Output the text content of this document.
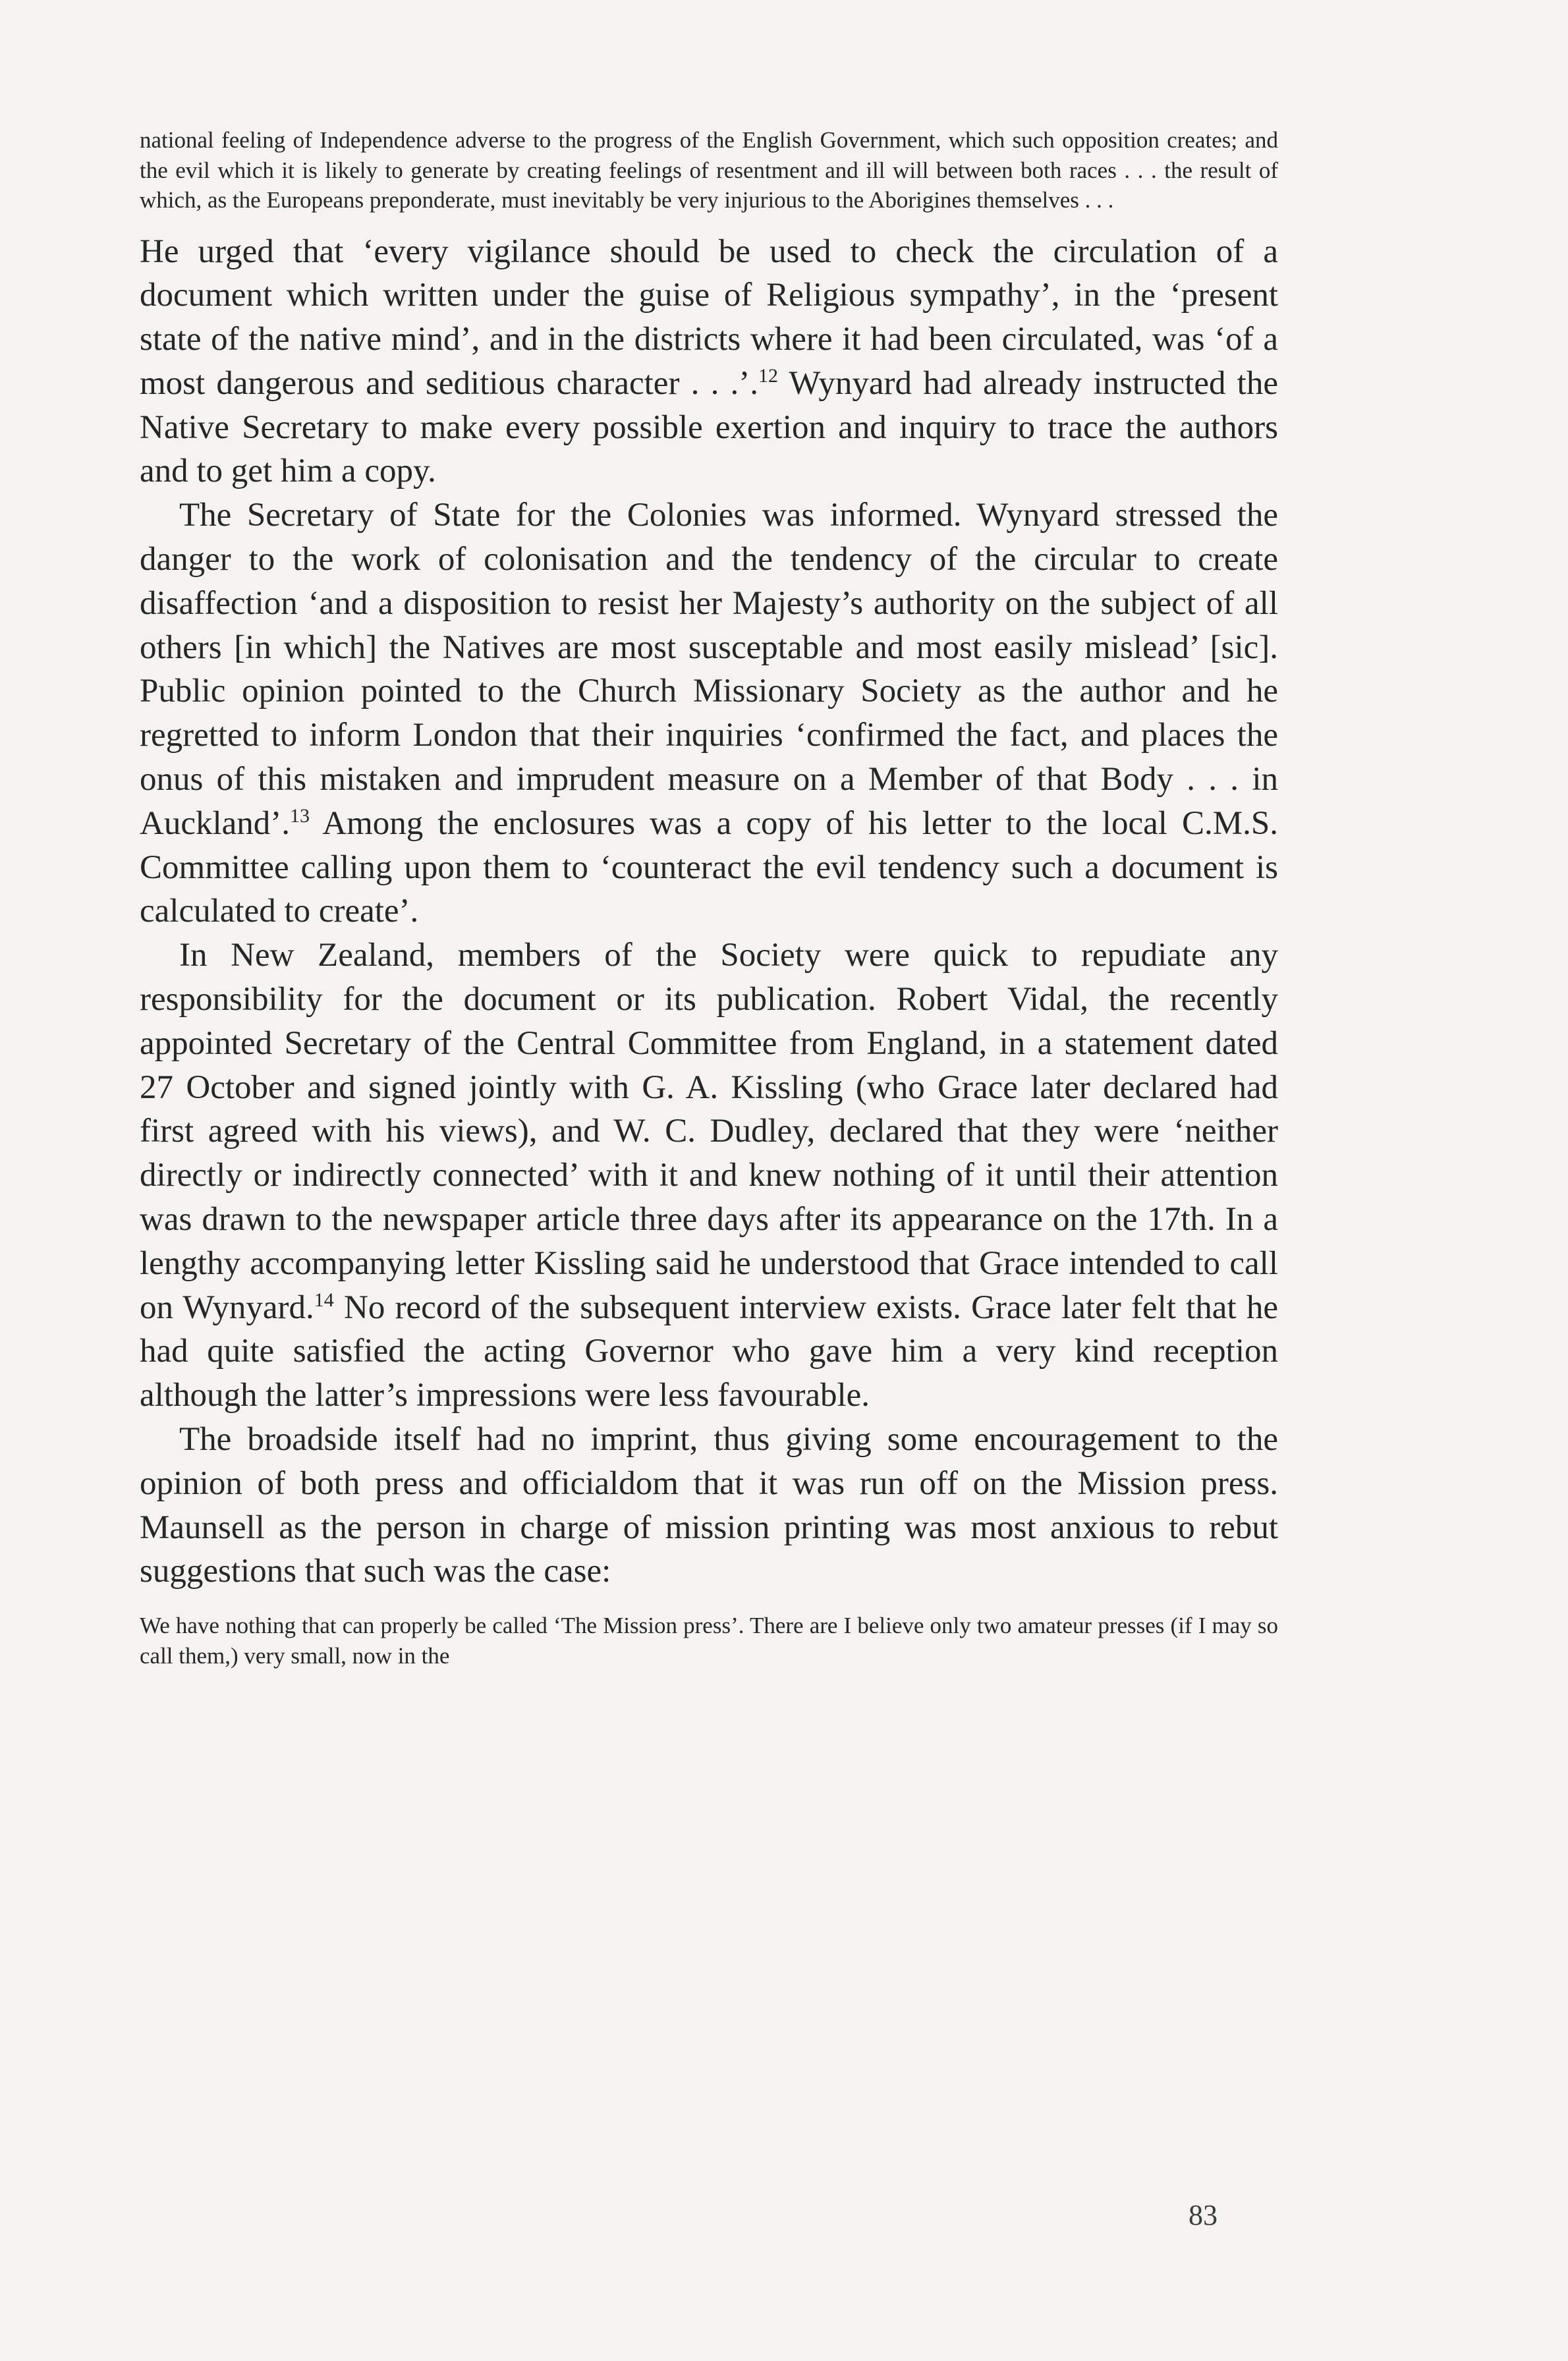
national feeling of Independence adverse to the progress of the English Government, which such opposition creates; and the evil which it is likely to generate by creating feelings of resentment and ill will between both races . . . the result of which, as the Europeans preponderate, must inevitably be very injurious to the Aborigines themselves . . .

He urged that ‘every vigilance should be used to check the circulation of a document which written under the guise of Religious sympathy’, in the ‘present state of the native mind’, and in the districts where it had been circulated, was ‘of a most dangerous and seditious character . . .’.$^{12}$ Wynyard had already instructed the Native Secretary to make every possible exertion and inquiry to trace the authors and to get him a copy.

The Secretary of State for the Colonies was informed. Wynyard stressed the danger to the work of colonisation and the tendency of the circular to create disaffection ‘and a disposition to resist her Majesty’s authority on the subject of all others [in which] the Natives are most susceptable and most easily mislead’ [sic]. Public opinion pointed to the Church Missionary Society as the author and he regretted to inform London that their inquiries ‘confirmed the fact, and places the onus of this mistaken and imprudent measure on a Member of that Body . . . in Auckland’.$^{13}$ Among the enclosures was a copy of his letter to the local C.M.S. Committee calling upon them to ‘counteract the evil tendency such a document is calculated to create’.

In New Zealand, members of the Society were quick to repudiate any responsibility for the document or its publication. Robert Vidal, the recently appointed Secretary of the Central Committee from England, in a statement dated 27 October and signed jointly with G. A. Kissling (who Grace later declared had first agreed with his views), and W. C. Dudley, declared that they were ‘neither directly or indirectly connected’ with it and knew nothing of it until their attention was drawn to the newspaper article three days after its appearance on the 17th. In a lengthy accompanying letter Kissling said he understood that Grace intended to call on Wynyard.$^{14}$ No record of the subsequent interview exists. Grace later felt that he had quite satisfied the acting Governor who gave him a very kind reception although the latter’s impressions were less favourable.

The broadside itself had no imprint, thus giving some encouragement to the opinion of both press and officialdom that it was run off on the Mission press. Maunsell as the person in charge of mission printing was most anxious to rebut suggestions that such was the case:

We have nothing that can properly be called ‘The Mission press’. There are I believe only two amateur presses (if I may so call them,) very small, now in the

83
